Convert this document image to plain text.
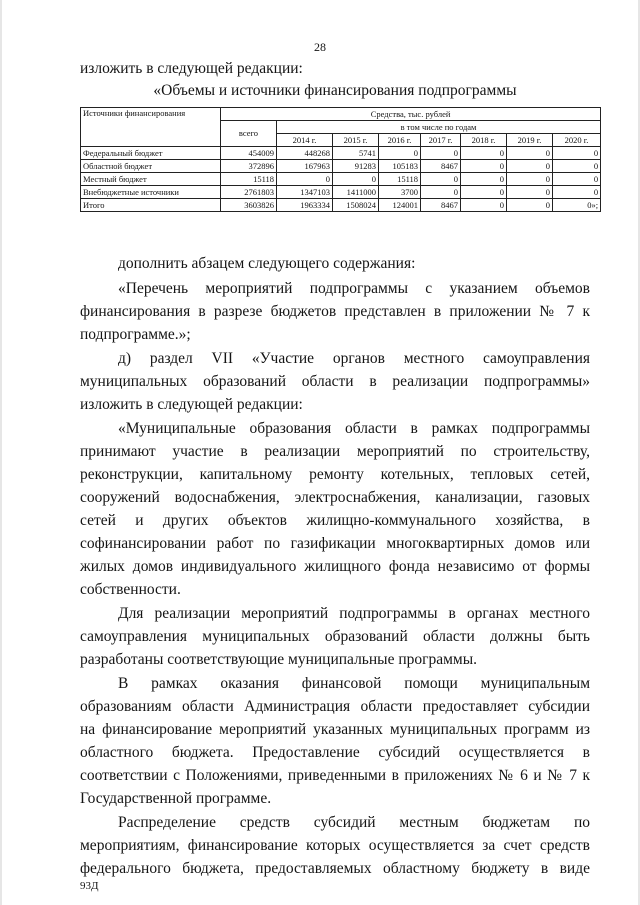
28
изложить в следующей редакции:
«Объемы и источники финансирования подпрограммы
Источники финансирования	Средства, тыс. рублей							
	всего	в том числе по годам						
		2014 г.	2015 г.	2016 г.	2017 г.	2018 г.	2019 г.	2020 г.
Федеральный бюджет	454009	448268	5741	0	0	0	0	0
Областной бюджет	372896	167963	91283	105183	8467	0	0	0
Местный бюджет	15118	0	0	15118	0	0	0	0
Внебюджетные источники	2761803	1347103	1411000	3700	0	0	0	0
Итого	3603826	1963334	1508024	124001	8467	0	0	0»;
дополнить абзацем следующего содержания:
«Перечень мероприятий подпрограммы с указанием объемов
финансирования в разрезе бюджетов представлен в приложении № 7 к
подпрограмме.»;
д) раздел VII «Участие органов местного самоуправления
муниципальных образований области в реализации подпрограммы»
изложить в следующей редакции:
«Муниципальные образования области в рамках подпрограммы
принимают участие в реализации мероприятий по строительству,
реконструкции, капитальному ремонту котельных, тепловых сетей,
сооружений водоснабжения, электроснабжения, канализации, газовых
сетей и других объектов жилищно-коммунального хозяйства, в
софинансировании работ по газификации многоквартирных домов или
жилых домов индивидуального жилищного фонда независимо от формы
собственности.
Для реализации мероприятий подпрограммы в органах местного
самоуправления муниципальных образований области должны быть
разработаны соответствующие муниципальные программы.
В рамках оказания финансовой помощи муниципальным
образованиям области Администрация области предоставляет субсидии
на финансирование мероприятий указанных муниципальных программ из
областного бюджета. Предоставление субсидий осуществляется в
соответствии с Положениями, приведенными в приложениях № 6 и № 7 к
Государственной программе.
Распределение средств субсидий местным бюджетам по
мероприятиям, финансирование которых осуществляется за счет средств
федерального бюджета, предоставляемых областному бюджету в виде
93Д
